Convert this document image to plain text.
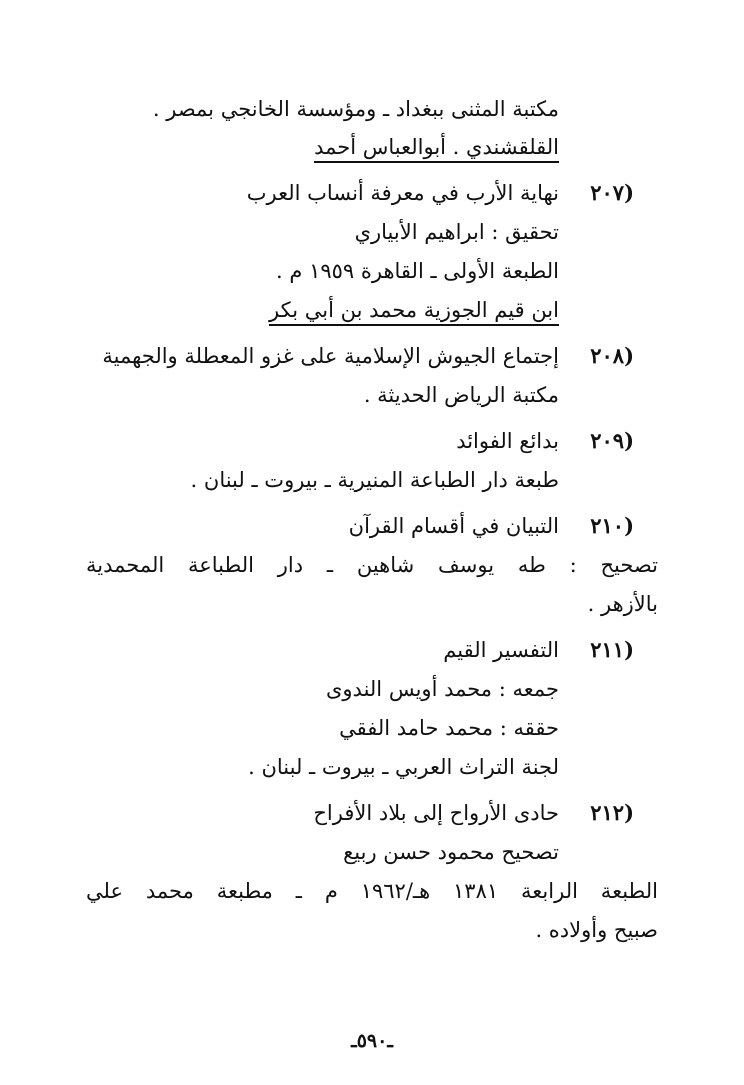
مكتبة المثنى ببغداد ـ ومؤسسة الخانجي بمصر .
القلقشندي . أبوالعباس أحمد
(٢٠٧
نهاية الأرب في معرفة أنساب العرب
تحقيق : ابراهيم الأبياري
الطبعة الأولى ـ القاهرة ١٩٥٩ م .
ابن قيم الجوزية محمد بن أبي بكر
(٢٠٨
إجتماع الجيوش الإسلامية على غزو المعطلة والجهمية
مكتبة الرياض الحديثة .
(٢٠٩
بدائع الفوائد
طبعة دار الطباعة المنيرية ـ بيروت ـ لبنان .
(٢١٠
التبيان في أقسام القرآن
تصحيح : طه يوسف شاهين ـ دار الطباعة المحمدية
بالأزهر .
(٢١١
التفسير القيم
جمعه : محمد أويس الندوى
حققه : محمد حامد الفقي
لجنة التراث العربي ـ بيروت ـ لبنان .
(٢١٢
حادى الأرواح إلى بلاد الأفراح
تصحيح محمود حسن ربيع
الطبعة الرابعة ١٣٨١ هـ/١٩٦٢ م ـ مطبعة محمد علي
صبيح وأولاده .
ـ٥٩٠ـ
